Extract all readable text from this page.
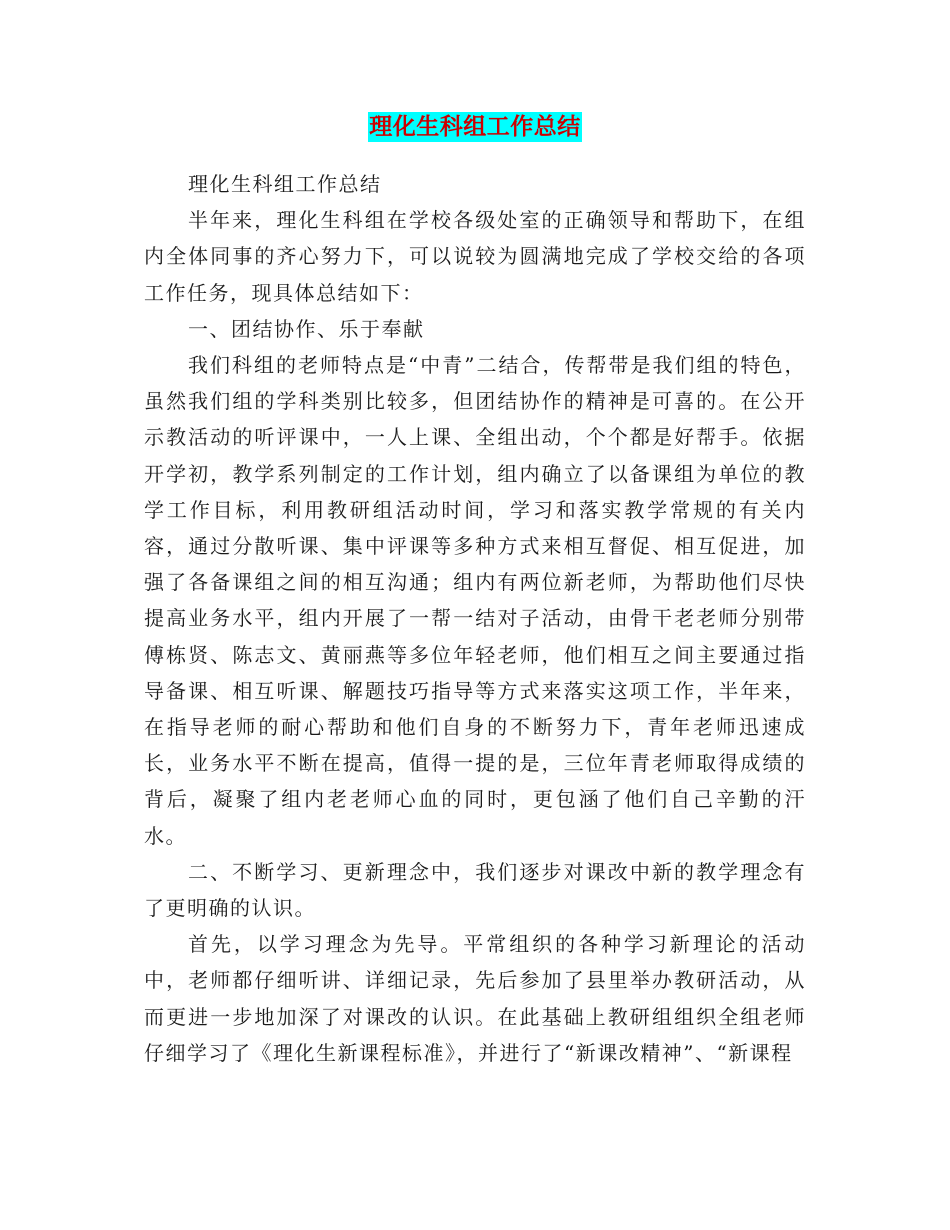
理化生科组工作总结

理化生科组工作总结

半年来，理化生科组在学校各级处室的正确领导和帮助下，在组内全体同事的齐心努力下，可以说较为圆满地完成了学校交给的各项工作任务，现具体总结如下：

一、团结协作、乐于奉献

我们科组的老师特点是“中青”二结合，传帮带是我们组的特色，虽然我们组的学科类别比较多，但团结协作的精神是可喜的。在公开示教活动的听评课中，一人上课、全组出动，个个都是好帮手。依据开学初，教学系列制定的工作计划，组内确立了以备课组为单位的教学工作目标，利用教研组活动时间，学习和落实教学常规的有关内容，通过分散听课、集中评课等多种方式来相互督促、相互促进，加强了各备课组之间的相互沟通；组内有两位新老师，为帮助他们尽快提高业务水平，组内开展了一帮一结对子活动，由骨干老老师分别带傅栋贤、陈志文、黄丽燕等多位年轻老师，他们相互之间主要通过指导备课、相互听课、解题技巧指导等方式来落实这项工作，半年来，在指导老师的耐心帮助和他们自身的不断努力下，青年老师迅速成长，业务水平不断在提高，值得一提的是，三位年青老师取得成绩的背后，凝聚了组内老老师心血的同时，更包涵了他们自己辛勤的汗水。

二、不断学习、更新理念中，我们逐步对课改中新的教学理念有了更明确的认识。

首先，以学习理念为先导。平常组织的各种学习新理论的活动中，老师都仔细听讲、详细记录，先后参加了县里举办教研活动，从而更进一步地加深了对课改的认识。在此基础上教研组组织全组老师仔细学习了《理化生新课程标准》，并进行了“新课改精神”、“新课程
